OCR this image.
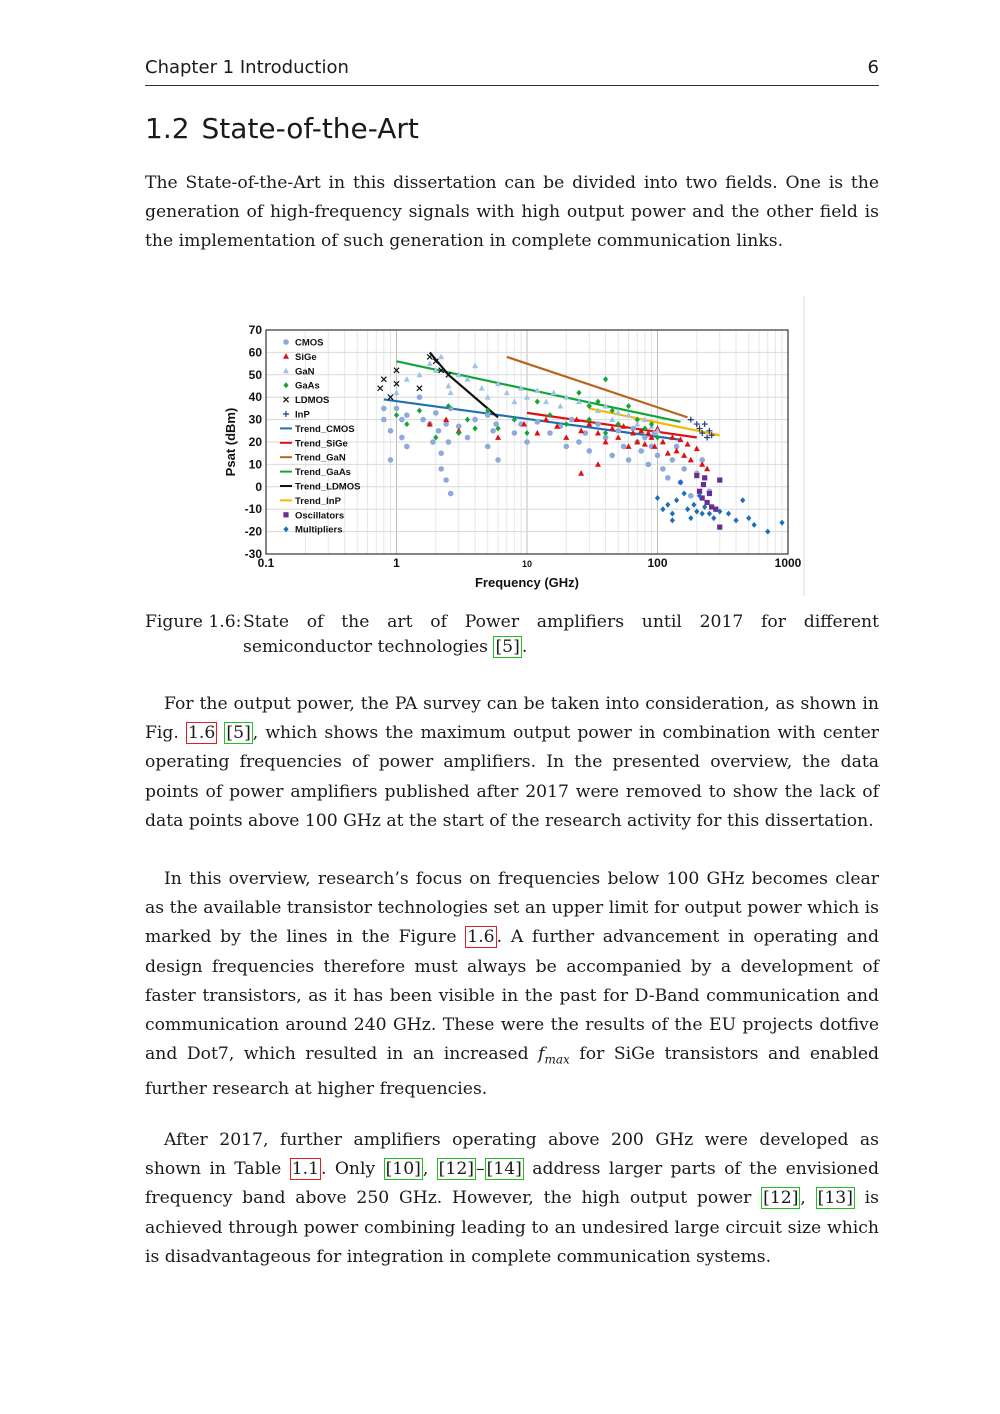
Chapter 1 Introduction	6
1.2 State-of-the-Art

The State-of-the-Art in this dissertation can be divided into two fields. One is the generation of high-frequency signals with high output power and the other field is the implementation of such generation in complete communication links.

70
60
50
40
30
20
10
0
-10
-20
-30
0.1	1	10	100	1000
Frequency (GHz)
Psat (dBm)
CMOS
SiGe
GaN
GaAs
LDMOS
InP
Trend_CMOS
Trend_SiGe
Trend_GaN
Trend_GaAs
Trend_LDMOS
Trend_InP
Oscillators
Multipliers

Figure 1.6: State of the art of Power amplifiers until 2017 for different semiconductor technologies [5] .

For the output power, the PA survey can be taken into consideration, as shown in Fig. 1.6 [5] , which shows the maximum output power in combination with center operating frequencies of power amplifiers. In the presented overview, the data points of power amplifiers published after 2017 were removed to show the lack of data points above 100 GHz at the start of the research activity for this dissertation.

In this overview, research’s focus on frequencies below 100 GHz becomes clear as the available transistor technologies set an upper limit for output power which is marked by the lines in the Figure 1.6 . A further advancement in operating and design frequencies therefore must always be accompanied by a development of faster transistors, as it has been visible in the past for D-Band communication and communication around 240 GHz. These were the results of the EU projects dotfive and Dot7, which resulted in an increased $f_{max}$ for SiGe transistors and enabled further research at higher frequencies.

After 2017, further amplifiers operating above 200 GHz were developed as shown in Table 1.1 . Only [10] , [12] – [14] address larger parts of the envisioned frequency band above 250 GHz. However, the high output power [12] , [13] is achieved through power combining leading to an undesired large circuit size which is disadvantageous for integration in complete communication systems.
